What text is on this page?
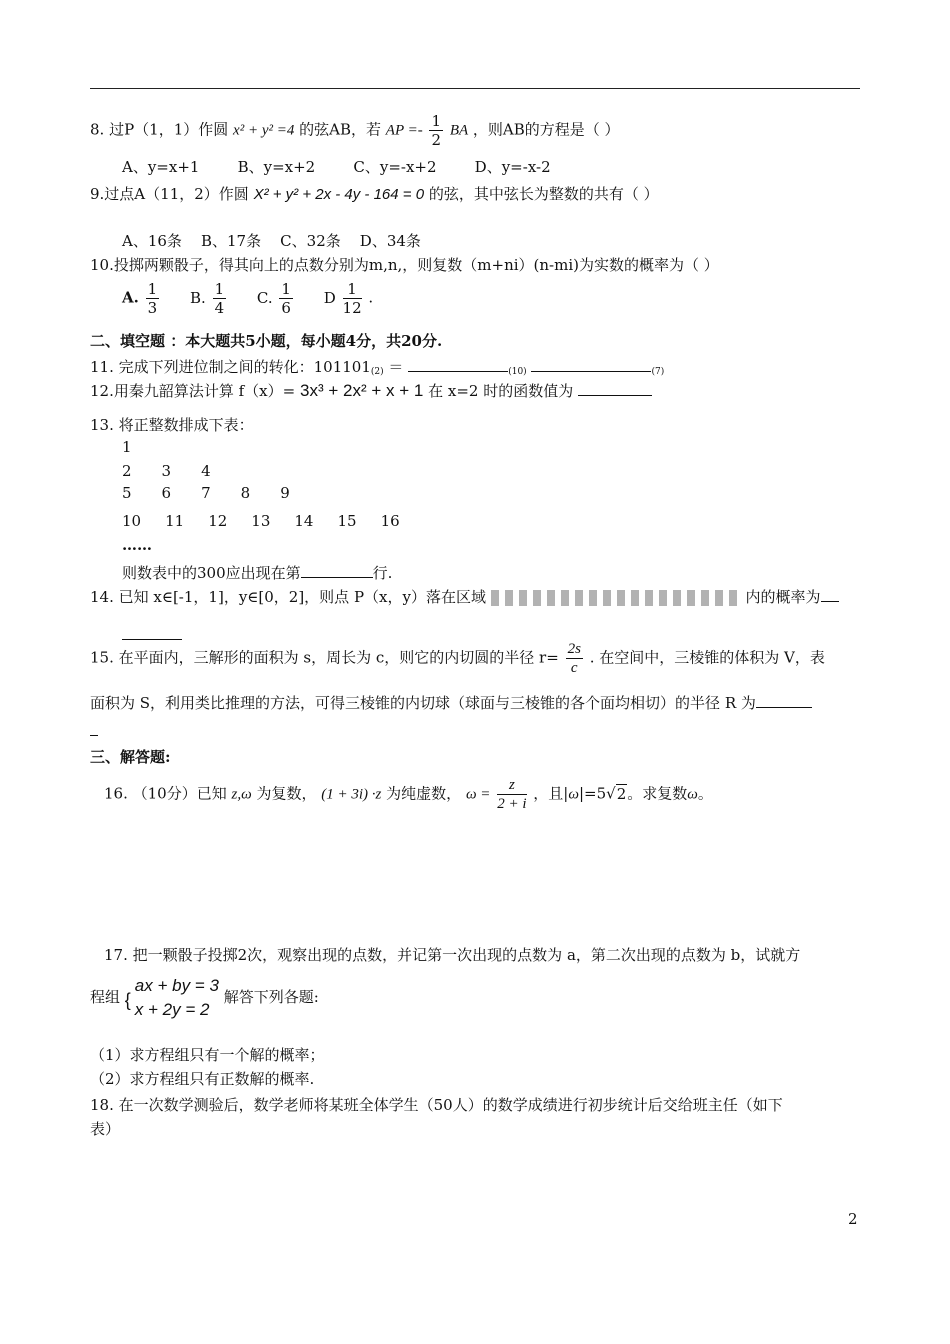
8. 过P（1，1）作圆 x² + y² =4 的弦AB，若 AP =- $\frac{1}{2}$ BA ，则AB的方程是（ ）
A、y=x+1        B、y=x+2        C、y=-x+2        D、y=-x-2
9.过点A（11，2）作圆 X² + y² + 2x - 4y - 164 = 0 的弦，其中弦长为整数的共有（ ）
A、16条    B、17条    C、32条    D、34条
10.投掷两颗骰子，得其向上的点数分别为m,n,，则复数（m+ni）(n-mi)为实数的概率为（ ）
A. $\frac{1}{3} B$. $\frac{1}{4} C$. $\frac{1}{6}$ D $\frac{1}{12}$ .
二、填空题 ：本大题共5小题，每小题4分，共20分.
11. 完成下列进位制之间的转化：101101(2) ＝	(10)	(7)
12.用秦九韶算法计算 f（x）= 3x³ + 2x² + x + 1 在 x=2 时的函数值为
13. 将正整数排成下表：
1
2 3 4
5 6 7 8 9
10 11 12 13 14 15 16
……
则数表中的300应出现在第	行.
14. 已知 x∈[-1，1]，y∈[0，2]，则点 P（x，y）落在区域	内的概率为
15. 在平面内，三解形的面积为 s，周长为 c，则它的内切圆的半径 $r= \frac{2s}{c}$ . 在空间中，三棱锥的体积为 V，表
面积为 S，利用类比推理的方法，可得三棱锥的内切球（球面与三棱锥的各个面均相切）的半径 R 为
三、解答题:
16. （10分）已知 z,ω 为复数， (1 + 3i) ·z 为纯虚数， $\omega = \frac{z}{2 + i}$ ，且|ω|=5√2。求复数ω。
17. 把一颗骰子投掷2次，观察出现的点数，并记第一次出现的点数为 a，第二次出现的点数为 b，试就方
程组 {
ax + by = 3
x + 2y = 2
解答下列各题:
（1）求方程组只有一个解的概率；
（2）求方程组只有正数解的概率.
18. 在一次数学测验后，数学老师将某班全体学生（50人）的数学成绩进行初步统计后交给班主任（如下
表）
2
